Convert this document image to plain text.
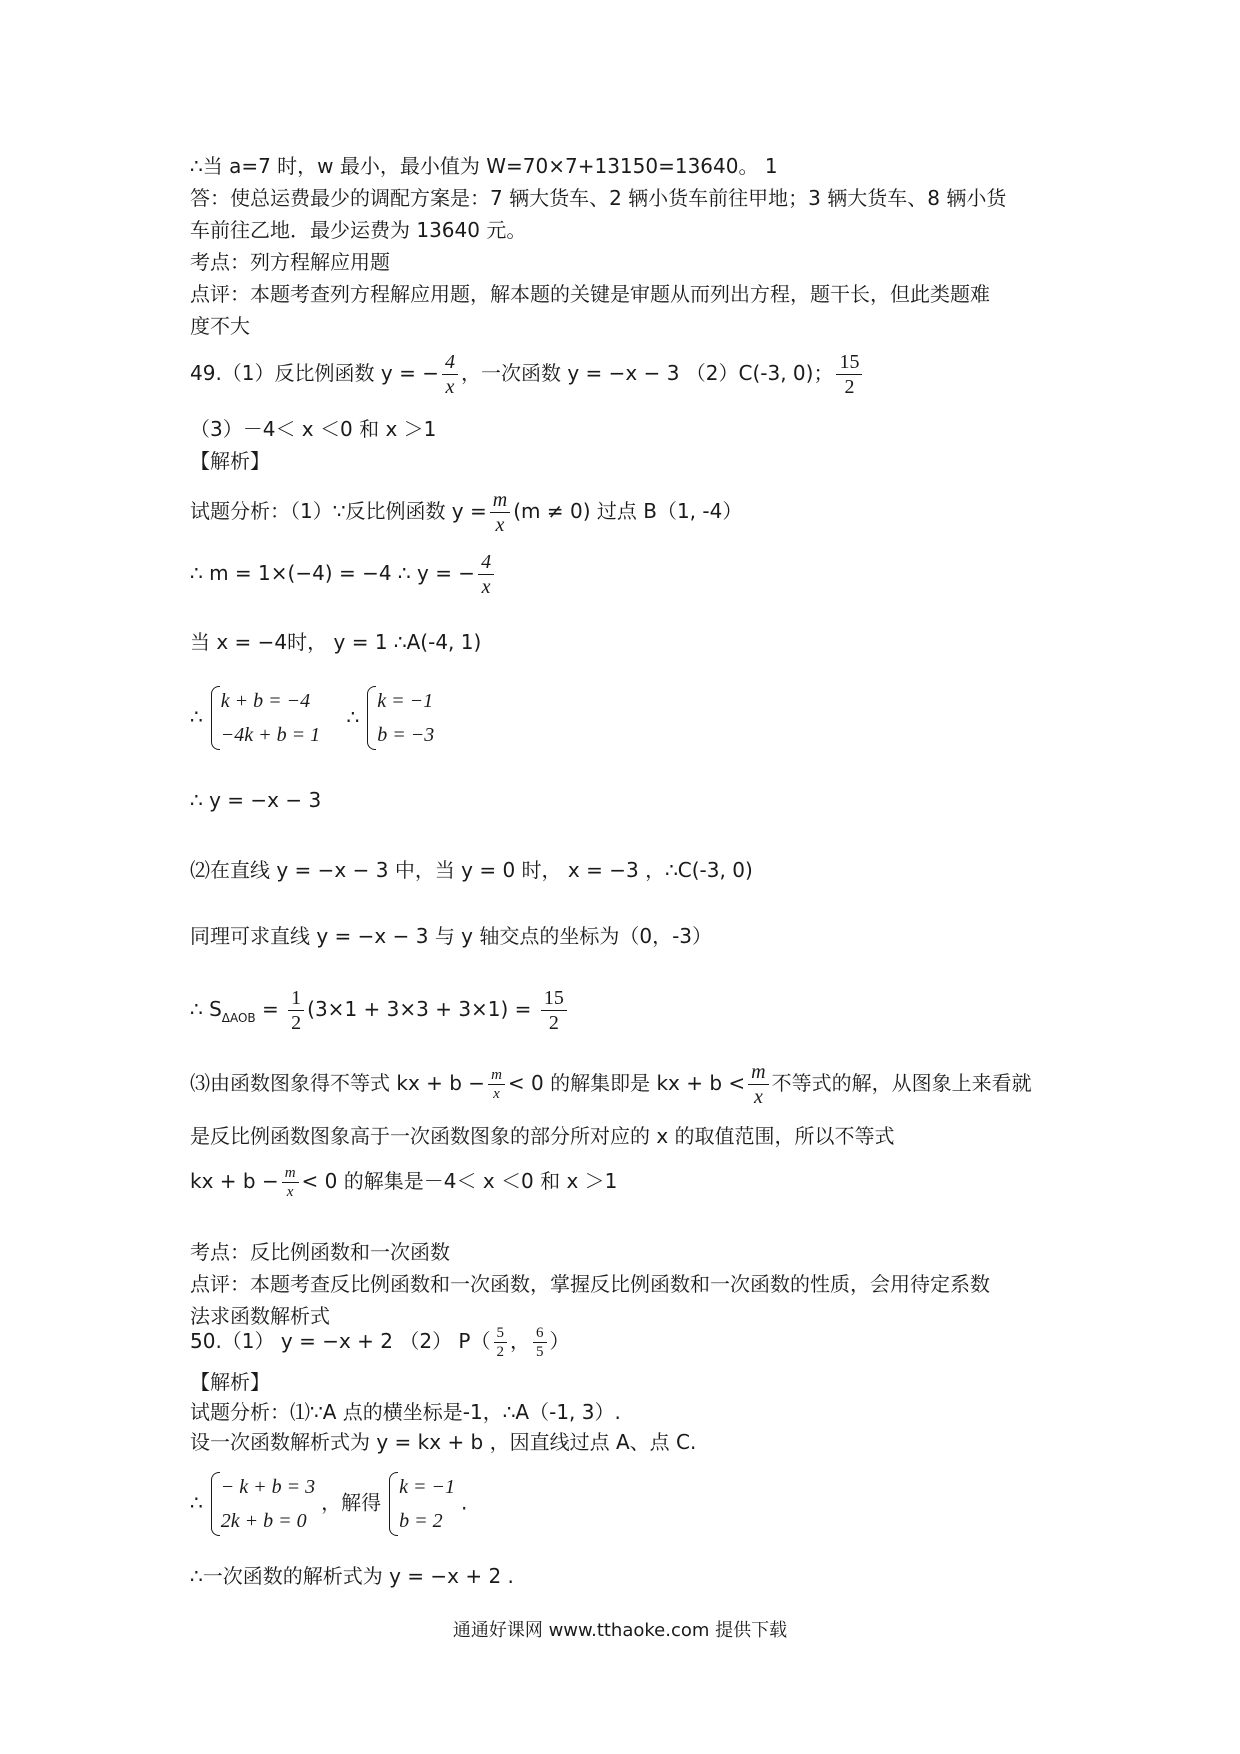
∴当 a=7 时，w 最小，最小值为 W=70×7+13150=13640。 1
答：使总运费最少的调配方案是：7 辆大货车、2 辆小货车前往甲地；3 辆大货车、8 辆小货
车前往乙地．最少运费为 13640 元。
考点：列方程解应用题
点评：本题考查列方程解应用题，解本题的关键是审题从而列出方程，题干长，但此类题难
度不大
49.（1）反比例函数 y = − $\frac{4}{x}$ ，一次函数 y = −x − 3 （2）C(-3, 0)； $\frac{15}{2}$
（3）－4＜ x ＜0 和 x ＞1
【解析】
试题分析：（1）∵反比例函数 $y = \frac{m}{x} (m \ne 0)$ 过点 B（1, -4）
∴ m = 1×(−4) = −4 ∴ y = − $\frac{4}{x}$
当 x = −4时， y = 1 ∴A(-4, 1)
∴
k + b = −4
−4k + b = 1
∴
k = −1
b = −3
∴ y = −x − 3
⑵在直线 y = −x − 3 中，当 y = 0 时， x = −3 ，∴C(-3, 0)
同理可求直线 y = −x − 3 与 y 轴交点的坐标为（0，-3）
∴ $S_{\Delta AOB} = \frac{1}{2} (3\times 1 + 3\times 3 + 3\times 1) = \frac{15}{2}$
⑶由函数图象得不等式 kx + $b - \frac{m}{x} < 0$ 的解集即是 kx + $b < \frac{m}{x}$ 不等式的解，从图象上来看就
是反比例函数图象高于一次函数图象的部分所对应的 x 的取值范围，所以不等式
kx + $b - \frac{m}{x} < 0$ 的解集是－4＜ x ＜0 和 x ＞1
考点：反比例函数和一次函数
点评：本题考查反比例函数和一次函数，掌握反比例函数和一次函数的性质，会用待定系数
法求函数解析式
50.（1） y = −x + 2 （2） $P( \frac{5}{2}$ ， $\frac{6}{5}$ ）
【解析】
试题分析：⑴∵A 点的横坐标是-1，∴A（-1, 3）.
设一次函数解析式为 y = kx + b ，因直线过点 A、点 C.
∴
− k + b = 3
2k + b = 0
，解得
k = −1
b = 2
.
∴一次函数的解析式为 y = −x + 2 .
通通好课网 www.tthaoke.com 提供下载
